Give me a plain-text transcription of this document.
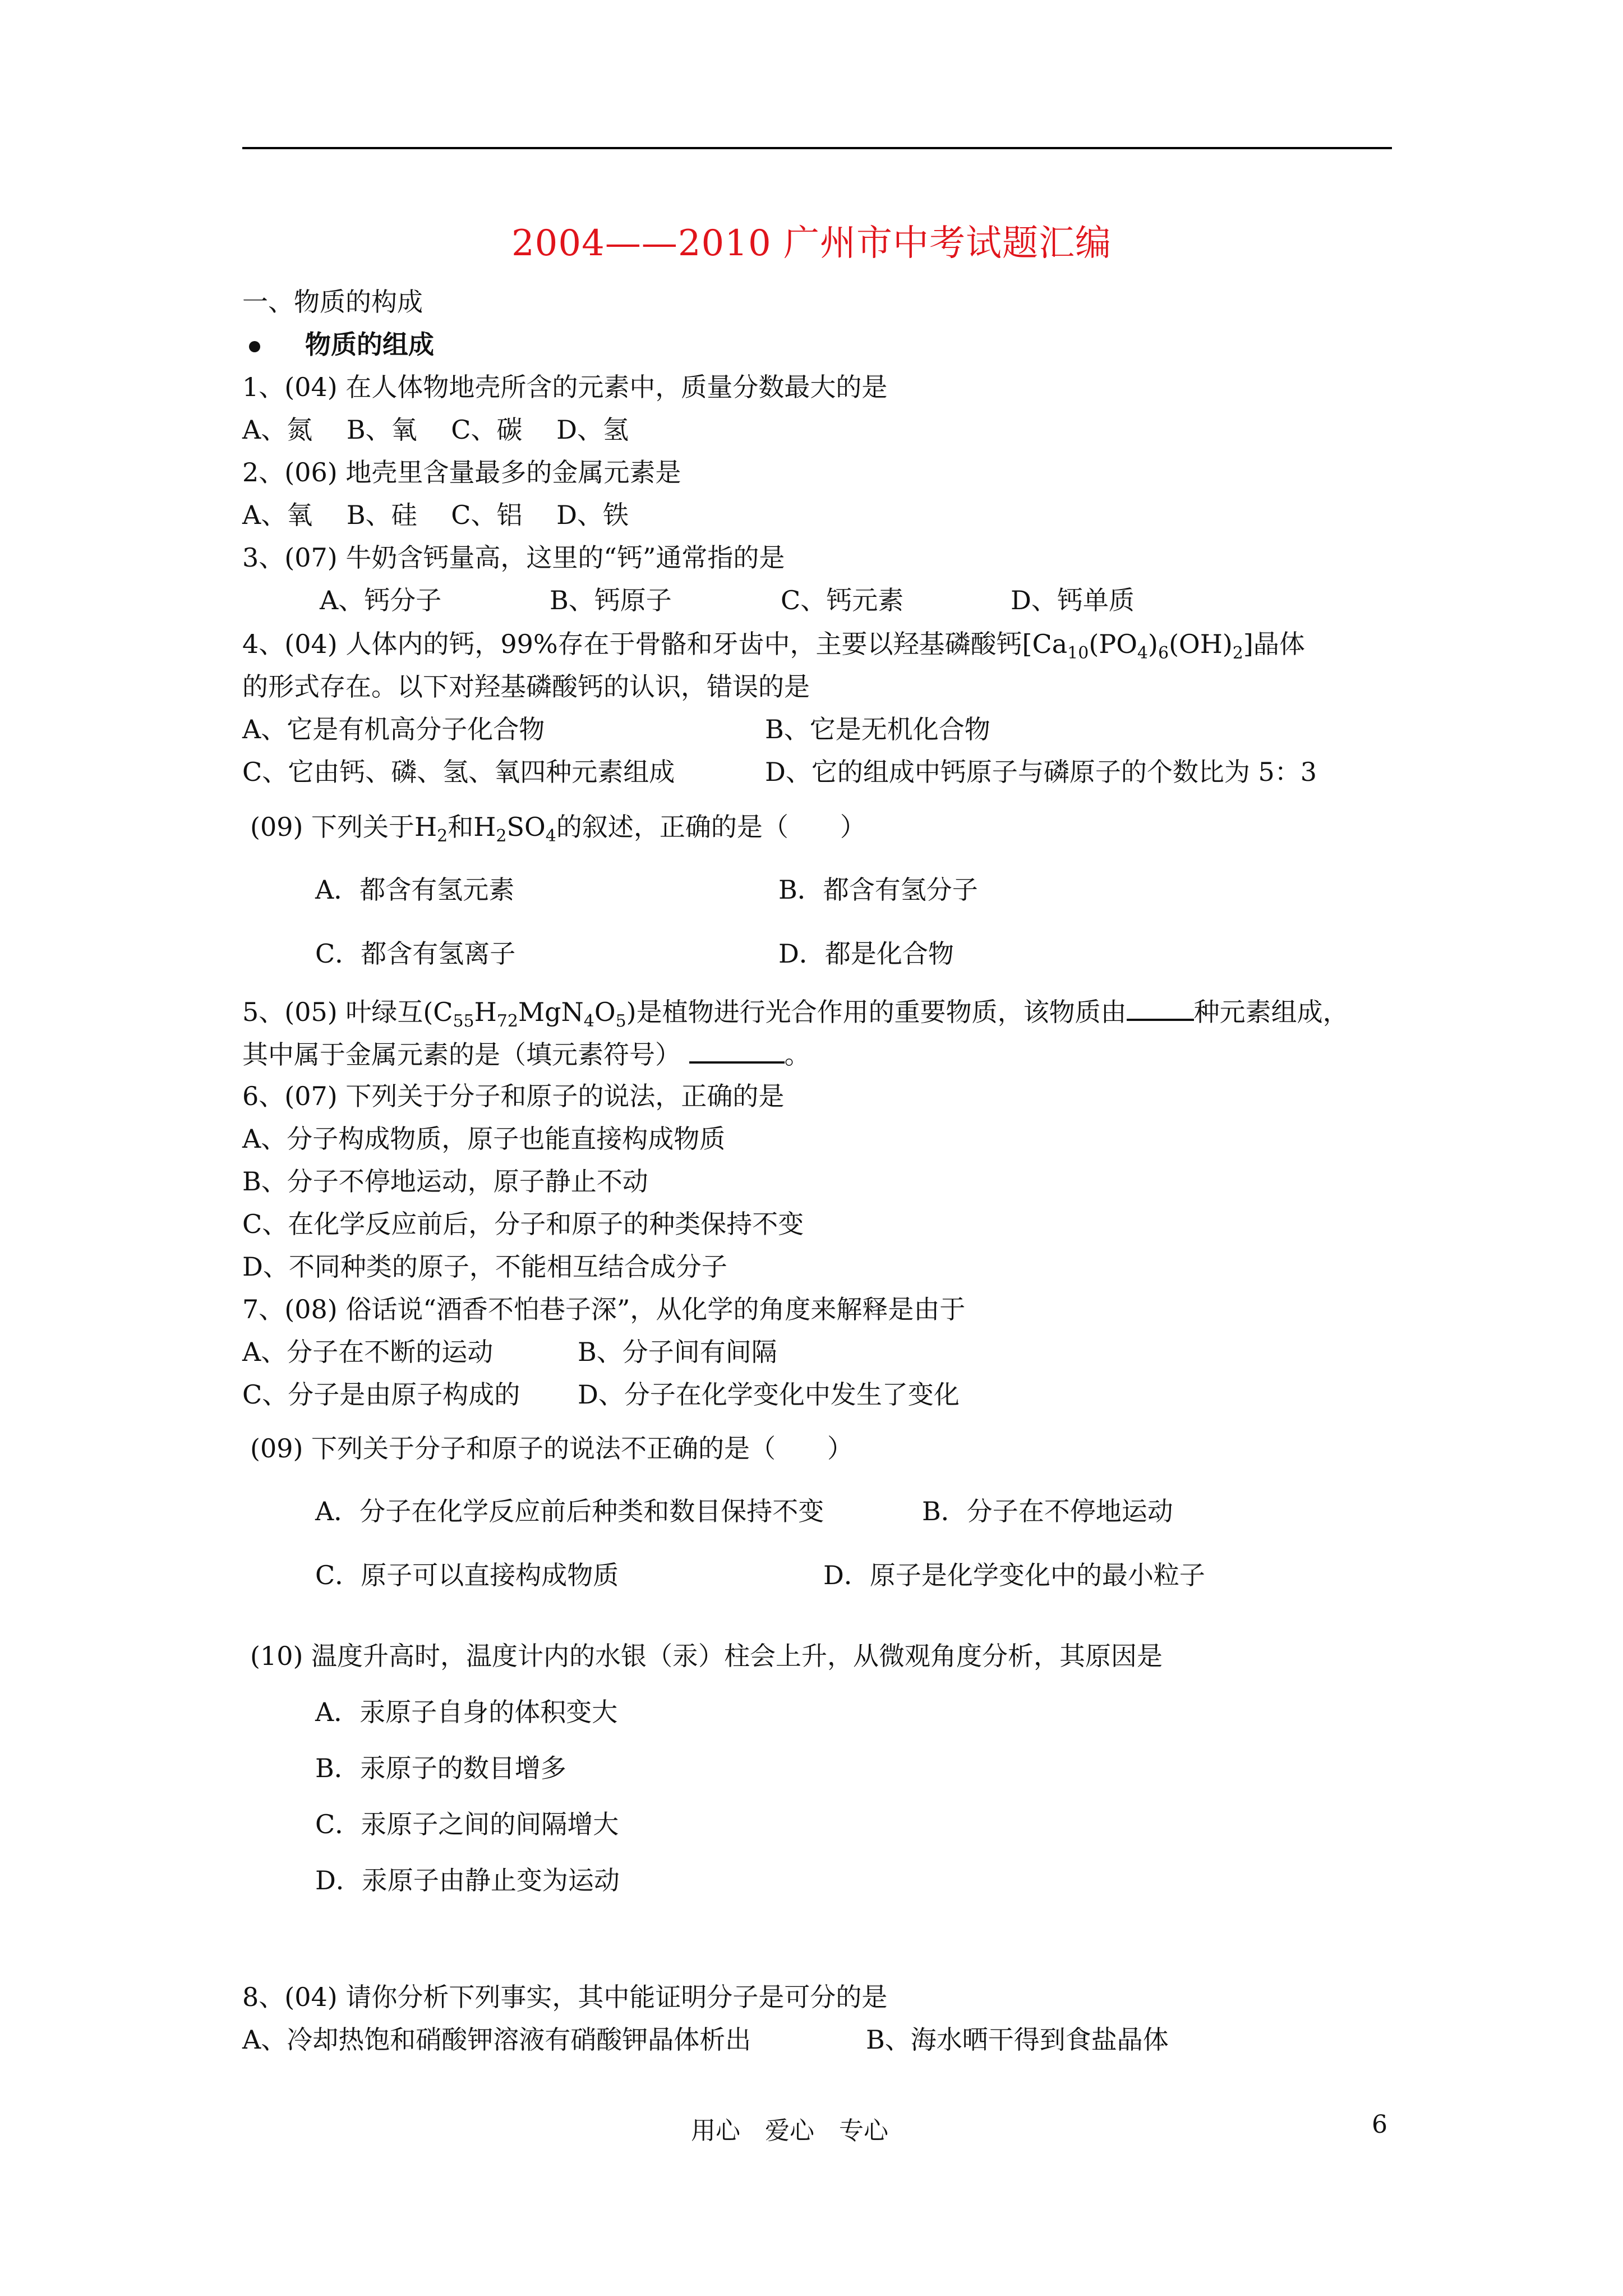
2004——2010 广州市中考试题汇编
一、物质的构成
物质的组成
1、(04) 在人体物地壳所含的元素中，质量分数最大的是
A、氮　 B、氧　 C、碳　 D、氢
2、(06) 地壳里含量最多的金属元素是
A、氧　 B、硅　 C、铝　 D、铁
3、(07) 牛奶含钙量高，这里的“钙”通常指的是
A、钙分子	B、钙原子	C、钙元素	D、钙单质
4、(04) 人体内的钙，99%存在于骨骼和牙齿中，主要以羟基磷酸钙$[Ca_{10}(PO_4)_6(OH)_2]$晶体
的形式存在。以下对羟基磷酸钙的认识，错误的是
A、它是有机高分子化合物	B、它是无机化合物
C、它由钙、磷、氢、氧四种元素组成	D、它的组成中钙原子与磷原子的个数比为 5：3
(09) 下列关于$H_2$和$H_2SO_4$的叙述，正确的是（　　）
A．都含有氢元素	B．都含有氢分子
C．都含有氢离子	D．都是化合物
5、(05) 叶绿互$(C_{55}H_{72}MgN_4O_5)$是植物进行光合作用的重要物质，该物质由	种元素组成，
其中属于金属元素的是（填元素符号）	。
6、(07) 下列关于分子和原子的说法，正确的是
A、分子构成物质，原子也能直接构成物质
B、分子不停地运动，原子静止不动
C、在化学反应前后，分子和原子的种类保持不变
D、不同种类的原子，不能相互结合成分子
7、(08) 俗话说“酒香不怕巷子深”，从化学的角度来解释是由于
A、分子在不断的运动	B、分子间有间隔
C、分子是由原子构成的 D、分子在化学变化中发生了变化
(09) 下列关于分子和原子的说法不正确的是（　　）
A．分子在化学反应前后种类和数目保持不变	B．分子在不停地运动
C．原子可以直接构成物质	D．原子是化学变化中的最小粒子
(10) 温度升高时，温度计内的水银（汞）柱会上升，从微观角度分析，其原因是
A．汞原子自身的体积变大
B．汞原子的数目增多
C．汞原子之间的间隔增大
D．汞原子由静止变为运动
8、(04) 请你分析下列事实，其中能证明分子是可分的是
A、冷却热饱和硝酸钾溶液有硝酸钾晶体析出	B、海水晒干得到食盐晶体
用心　爱心　专心	6
